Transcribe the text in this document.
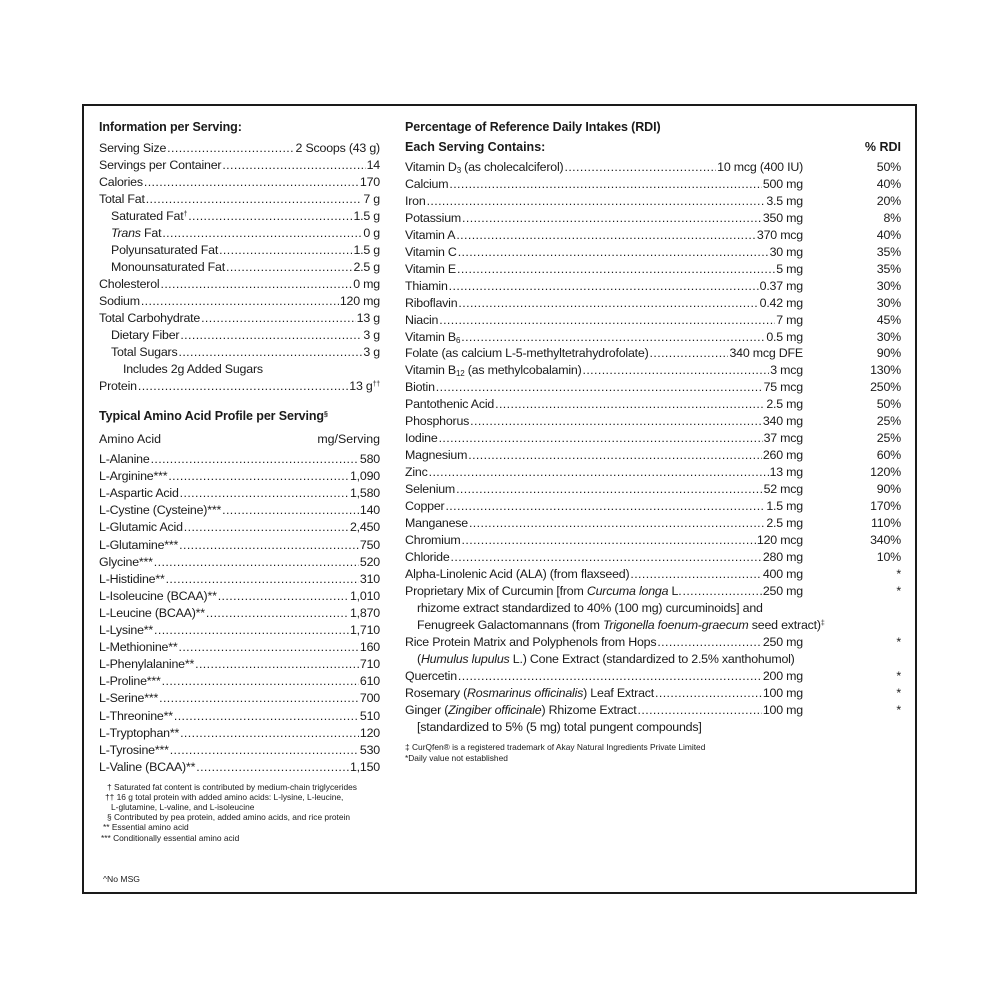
Information per Serving:
Serving Size .....	2 Scoops (43 g)
Servings per Container .....	14
Calories .....	170
Total Fat .....	7 g
Saturated Fat† .....	1.5 g
Trans Fat .....	0 g
Polyunsaturated Fat .....	1.5 g
Monounsaturated Fat .....	2.5 g
Cholesterol .....	0 mg
Sodium .....	120 mg
Total Carbohydrate .....	13 g
Dietary Fiber .....	3 g
Total Sugars .....	3 g
Includes 2g Added Sugars
Protein .....	13 g††
Typical Amino Acid Profile per Serving§
Amino Acid	mg/Serving
L-Alanine .....	580
L-Arginine*** .....	1,090
L-Aspartic Acid .....	1,580
L-Cystine (Cysteine)*** .....	140
L-Glutamic Acid .....	2,450
L-Glutamine*** .....	750
Glycine*** .....	520
L-Histidine** .....	310
L-Isoleucine (BCAA)** .....	1,010
L-Leucine (BCAA)** .....	1,870
L-Lysine** .....	1,710
L-Methionine** .....	160
L-Phenylalanine** .....	710
L-Proline*** .....	610
L-Serine*** .....	700
L-Threonine** .....	510
L-Tryptophan** .....	120
L-Tyrosine*** .....	530
L-Valine (BCAA)** .....	1,150
† Saturated fat content is contributed by medium-chain triglycerides
†† 16 g total protein with added amino acids: L-lysine, L-leucine,
L-glutamine, L-valine, and L-isoleucine
§ Contributed by pea protein, added amino acids, and rice protein
** Essential amino acid
*** Conditionally essential amino acid
^No MSG
Percentage of Reference Daily Intakes (RDI)
Each Serving Contains:	% RDI
Vitamin $D_3$ (as cholecalciferol) .....	10 mcg (400 IU)	50%
Calcium .....	500 mg	40%
Iron .....	3.5 mg	20%
Potassium .....	350 mg	8%
Vitamin A .....	370 mcg	40%
Vitamin C .....	30 mg	35%
Vitamin E .....	5 mg	35%
Thiamin .....	0.37 mg	30%
Riboflavin .....	0.42 mg	30%
Niacin .....	7 mg	45%
Vitamin $B_6$ .....	0.5 mg	30%
Folate (as calcium L-5-methyltetrahydrofolate) .....	340 mcg DFE	90%
Vitamin $B_{12}$ (as methylcobalamin) .....	3 mcg	130%
Biotin .....	75 mcg	250%
Pantothenic Acid .....	2.5 mg	50%
Phosphorus .....	340 mg	25%
Iodine .....	37 mcg	25%
Magnesium .....	260 mg	60%
Zinc .....	13 mg	120%
Selenium .....	52 mcg	90%
Copper .....	1.5 mg	170%
Manganese .....	2.5 mg	110%
Chromium .....	120 mcg	340%
Chloride .....	280 mg	10%
Alpha-Linolenic Acid (ALA) (from flaxseed) .....	400 mg	*
Proprietary Mix of Curcumin [from Curcuma longa L. .....	250 mg	*
rhizome extract standardized to 40% (100 mg) curcuminoids] and
Fenugreek Galactomannans (from Trigonella foenum-graecum seed extract)‡
Rice Protein Matrix and Polyphenols from Hops .....	250 mg	*
(Humulus lupulus L.) Cone Extract (standardized to 2.5% xanthohumol)
Quercetin .....	200 mg	*
Rosemary (Rosmarinus officinalis) Leaf Extract .....	100 mg	*
Ginger (Zingiber officinale) Rhizome Extract .....	100 mg	*
[standardized to 5% (5 mg) total pungent compounds]
‡ CurQfen® is a registered trademark of Akay Natural Ingredients Private Limited
*Daily value not established
